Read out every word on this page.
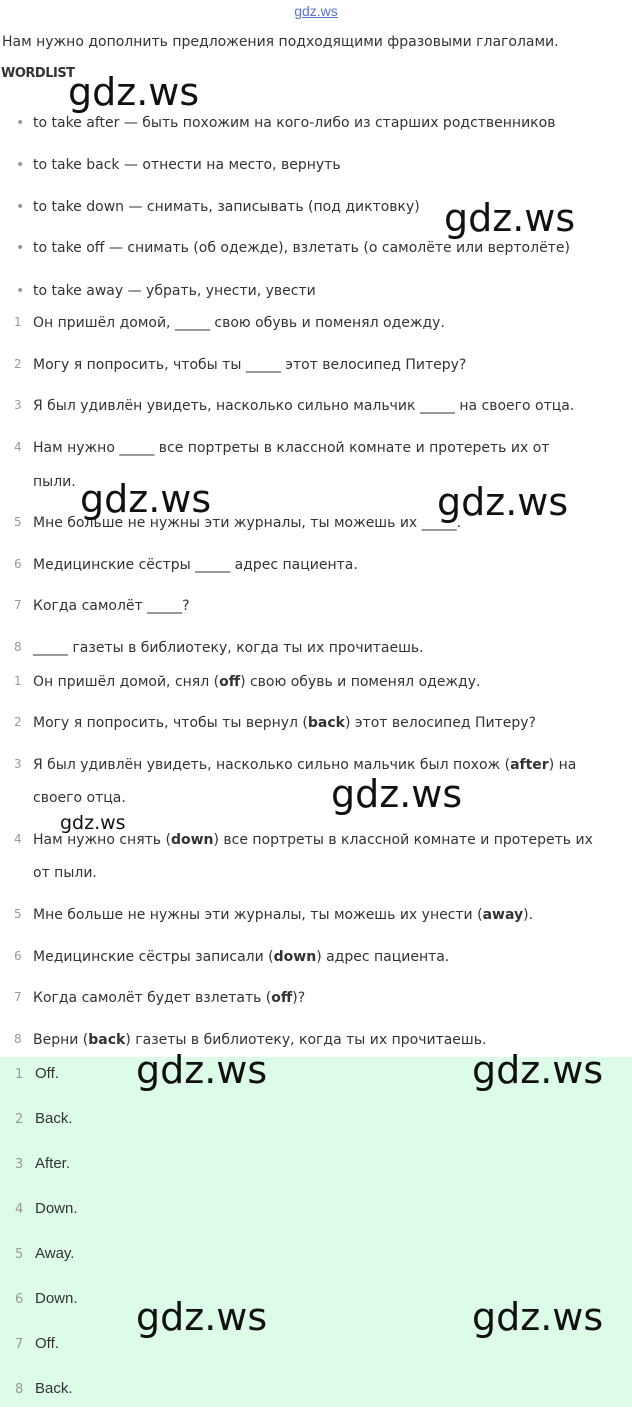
gdz.ws
Нам нужно дополнить предложения подходящими фразовыми глаголами.
WORDLIST
• to take after — быть похожим на кого-либо из старших родственников
• to take back — отнести на место, вернуть
• to take down — снимать, записывать (под диктовку)
• to take off — снимать (об одежде), взлетать (о самолёте или вертолёте)
• to take away — убрать, унести, увести
1 Он пришёл домой, _____ свою обувь и поменял одежду.
2 Могу я попросить, чтобы ты _____ этот велосипед Питеру?
3 Я был удивлён увидеть, насколько сильно мальчик _____ на своего отца.
4 Нам нужно _____ все портреты в классной комнате и протереть их от
пыли.
5 Мне больше не нужны эти журналы, ты можешь их _____.
6 Медицинские сёстры _____ адрес пациента.
7 Когда самолёт _____?
8 _____ газеты в библиотеку, когда ты их прочитаешь.
1 Он пришёл домой, снял (off) свою обувь и поменял одежду.
2 Могу я попросить, чтобы ты вернул (back) этот велосипед Питеру?
3 Я был удивлён увидеть, насколько сильно мальчик был похож (after) на
своего отца.
4 Нам нужно снять (down) все портреты в классной комнате и протереть их
от пыли.
5 Мне больше не нужны эти журналы, ты можешь их унести (away).
6 Медицинские сёстры записали (down) адрес пациента.
7 Когда самолёт будет взлетать (off)?
8 Верни (back) газеты в библиотеку, когда ты их прочитаешь.
1 Off.
2 Back.
3 After.
4 Down.
5 Away.
6 Down.
7 Off.
8 Back.
gdz.ws
gdz.ws
gdz.ws	gdz.ws
gdz.ws
gdz.ws
gdz.ws	gdz.ws
gdz.ws	gdz.ws
